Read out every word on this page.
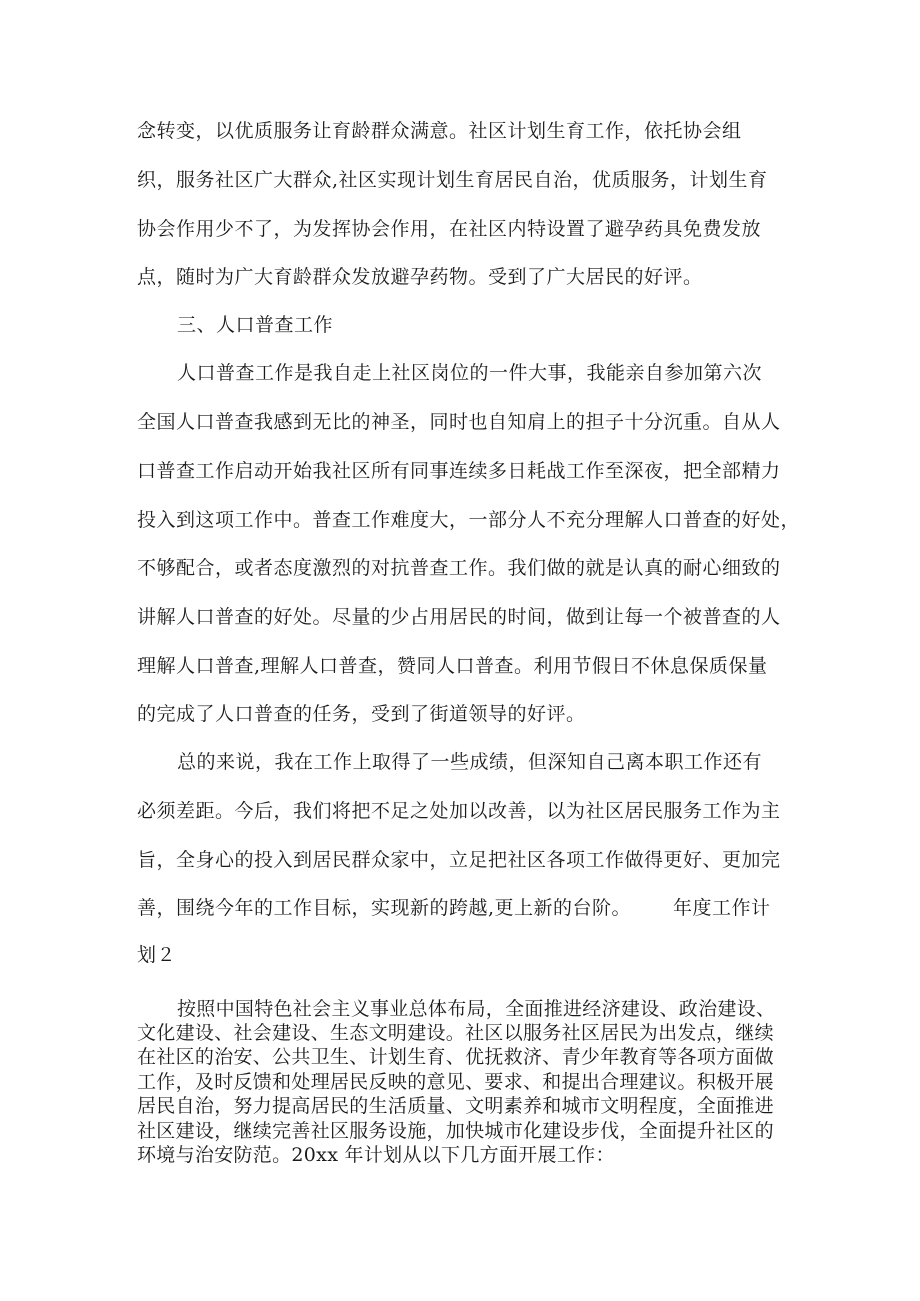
念转变，以优质服务让育龄群众满意。社区计划生育工作，依托协会组
织，服务社区广大群众,社区实现计划生育居民自治，优质服务，计划生育
协会作用少不了，为发挥协会作用，在社区内特设置了避孕药具免费发放
点，随时为广大育龄群众发放避孕药物。受到了广大居民的好评。
三、人口普查工作
人口普查工作是我自走上社区岗位的一件大事，我能亲自参加第六次
全国人口普查我感到无比的神圣，同时也自知肩上的担子十分沉重。自从人
口普查工作启动开始我社区所有同事连续多日耗战工作至深夜，把全部精力
投入到这项工作中。普查工作难度大，一部分人不充分理解人口普查的好处，
不够配合，或者态度激烈的对抗普查工作。我们做的就是认真的耐心细致的
讲解人口普查的好处。尽量的少占用居民的时间，做到让每一个被普查的人
理解人口普查,理解人口普查，赞同人口普查。利用节假日不休息保质保量
的完成了人口普查的任务，受到了街道领导的好评。
总的来说，我在工作上取得了一些成绩，但深知自己离本职工作还有
必须差距。今后，我们将把不足之处加以改善，以为社区居民服务工作为主
旨，全身心的投入到居民群众家中，立足把社区各项工作做得更好、更加完
善，围绕今年的工作目标，实现新的跨越,更上新的台阶。 年度工作计
划２
按照中国特色社会主义事业总体布局，全面推进经济建设、政治建设、
文化建设、社会建设、生态文明建设。社区以服务社区居民为出发点，继续
在社区的治安、公共卫生、计划生育、优抚救济、青少年教育等各项方面做
工作，及时反馈和处理居民反映的意见、要求、和提出合理建议。积极开展
居民自治，努力提高居民的生活质量、文明素养和城市文明程度，全面推进
社区建设，继续完善社区服务设施，加快城市化建设步伐，全面提升社区的
环境与治安防范。20xx 年计划从以下几方面开展工作：
